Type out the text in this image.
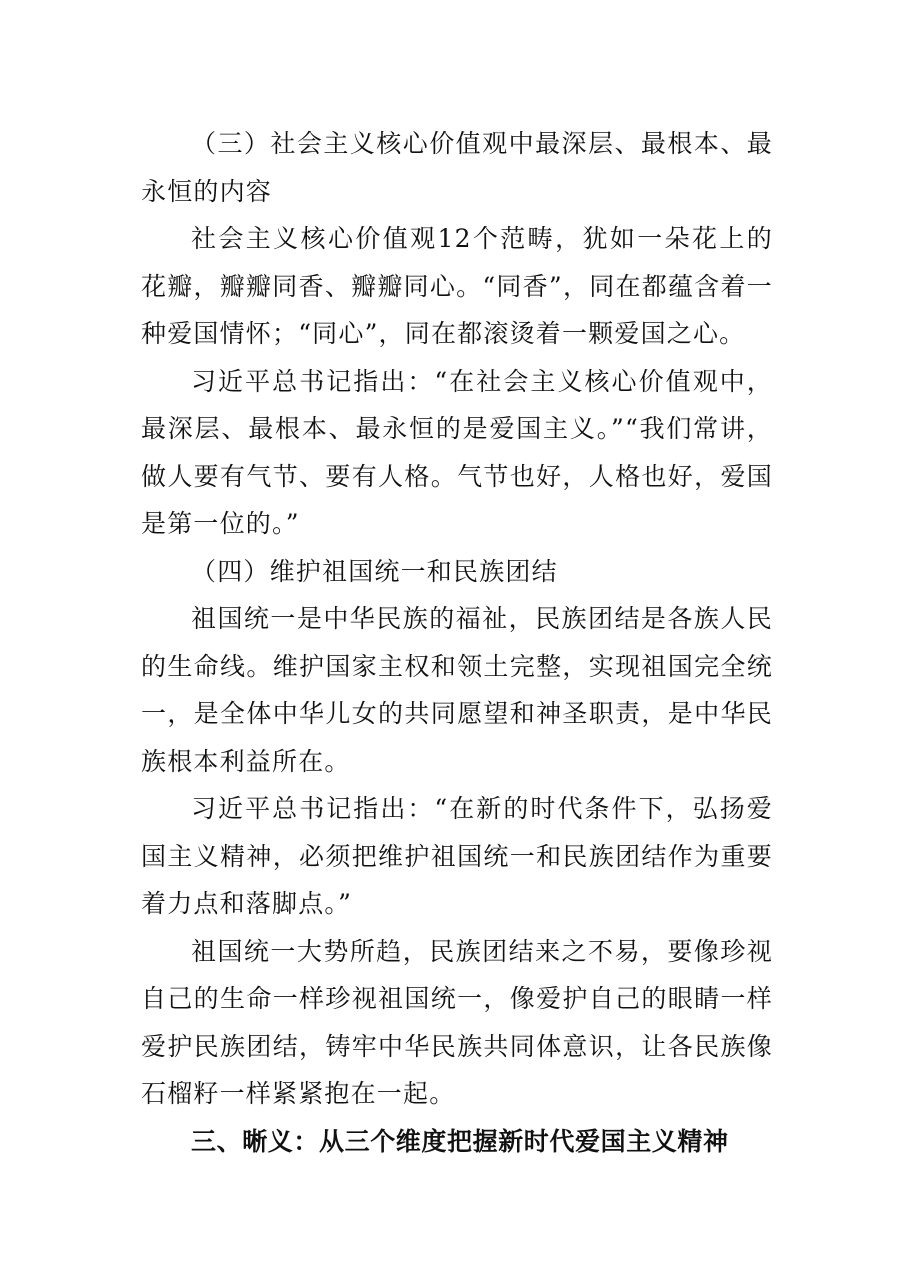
（三）社会主义核心价值观中最深层、最根本、最永恒的内容

社会主义核心价值观12个范畴，犹如一朵花上的花瓣，瓣瓣同香、瓣瓣同心。“同香”，同在都蕴含着一种爱国情怀；“同心”，同在都滚烫着一颗爱国之心。

习近平总书记指出：“在社会主义核心价值观中，最深层、最根本、最永恒的是爱国主义。”“我们常讲，做人要有气节、要有人格。气节也好，人格也好，爱国是第一位的。”

（四）维护祖国统一和民族团结

祖国统一是中华民族的福祉，民族团结是各族人民的生命线。维护国家主权和领土完整，实现祖国完全统一，是全体中华儿女的共同愿望和神圣职责，是中华民族根本利益所在。

习近平总书记指出：“在新的时代条件下，弘扬爱国主义精神，必须把维护祖国统一和民族团结作为重要着力点和落脚点。”

祖国统一大势所趋，民族团结来之不易，要像珍视自己的生命一样珍视祖国统一，像爱护自己的眼睛一样爱护民族团结，铸牢中华民族共同体意识，让各民族像石榴籽一样紧紧抱在一起。

三、晰义：从三个维度把握新时代爱国主义精神
